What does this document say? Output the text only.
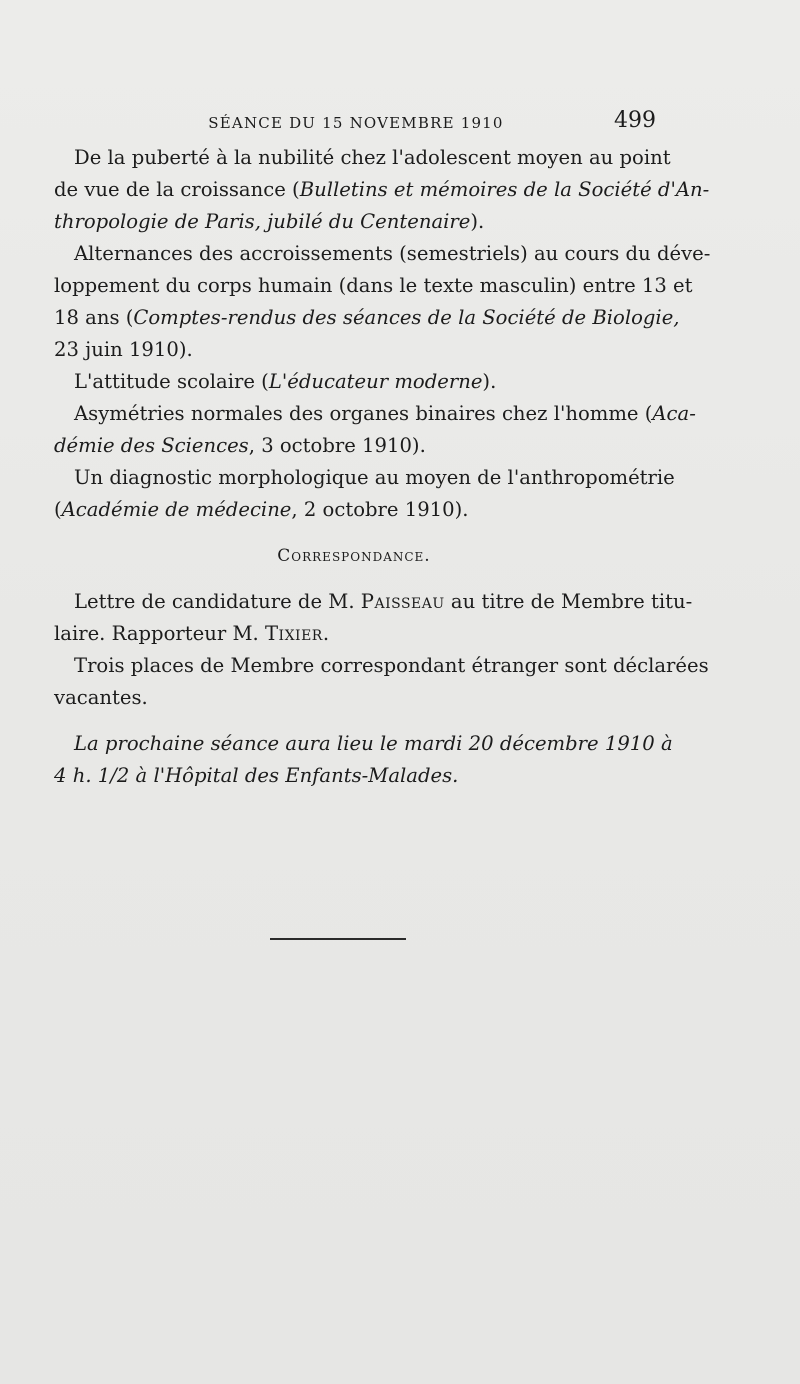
SÉANCE DU 15 NOVEMBRE 1910	499
De la puberté à la nubilité chez l'adolescent moyen au point
de vue de la croissance (Bulletins et mémoires de la Société d'An-
thropologie de Paris, jubilé du Centenaire).
Alternances des accroissements (semestriels) au cours du déve-
loppement du corps humain (dans le texte masculin) entre 13 et
18 ans (Comptes-rendus des séances de la Société de Biologie,
23 juin 1910).
L'attitude scolaire (L'éducateur moderne).
Asymétries normales des organes binaires chez l'homme (Aca-
démie des Sciences, 3 octobre 1910).
Un diagnostic morphologique au moyen de l'anthropométrie
(Académie de médecine, 2 octobre 1910).
Correspondance.
Lettre de candidature de M. Paisseau au titre de Membre titu-
laire. Rapporteur M. Tixier.
Trois places de Membre correspondant étranger sont déclarées
vacantes.
La prochaine séance aura lieu le mardi 20 décembre 1910 à
4 h. 1/2 à l'Hôpital des Enfants-Malades.
